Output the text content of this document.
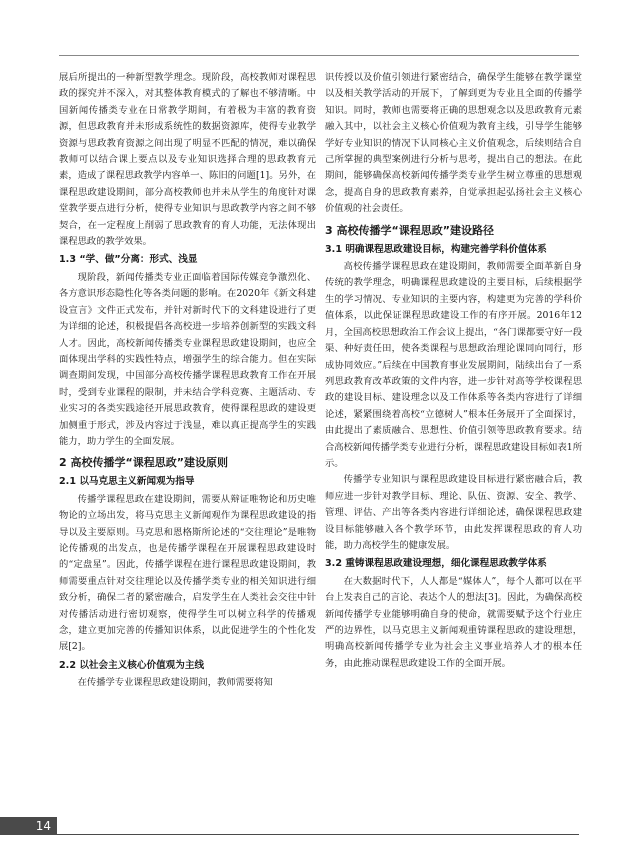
展后所提出的一种新型教学理念。现阶段，高校教师对课程思政的探究并不深入，对其整体教育模式的了解也不够清晰。中国新闻传播类专业在日常教学期间，有着极为丰富的教育资源，但思政教育并未形成系统性的数据资源库，使得专业教学资源与思政教育资源之间出现了明显不匹配的情况，难以确保教师可以结合课上要点以及专业知识选择合理的思政教育元素，造成了课程思政教学内容单一、陈旧的问题[1]。另外，在课程思政建设期间，部分高校教师也并未从学生的角度针对课堂教学要点进行分析，使得专业知识与思政教学内容之间不够契合，在一定程度上削弱了思政教育的育人功能，无法体现出课程思政的教学效果。

1.3 “学、做”分离：形式、浅显

现阶段，新闻传播类专业正面临着国际传媒竞争激烈化、各方意识形态隐性化等各类问题的影响。在2020年《新文科建设宣言》文件正式发布，并针对新时代下的文科建设进行了更为详细的论述，积极提倡各高校进一步培养创新型的实践文科人才。因此，高校新闻传播类专业课程思政建设期间，也应全面体现出学科的实践性特点，增强学生的综合能力。但在实际调查期间发现，中国部分高校传播学课程思政教育工作在开展时，受到专业课程的限制，并未结合学科竞赛、主题活动、专业实习的各类实践途径开展思政教育，使得课程思政的建设更加侧重于形式，涉及内容过于浅显，难以真正提高学生的实践能力，助力学生的全面发展。

2 高校传播学“课程思政”建设原则
2.1 以马克思主义新闻观为指导

传播学课程思政在建设期间，需要从辩证唯物论和历史唯物论的立场出发，将马克思主义新闻观作为课程思政建设的指导以及主要原则。马克思和恩格斯所论述的“交往理论”是唯物论传播观的出发点，也是传播学课程在开展课程思政建设时的“定盘星”。因此，传播学课程在进行课程思政建设期间，教师需要重点针对交往理论以及传播学类专业的相关知识进行细致分析，确保二者的紧密融合，启发学生在人类社会交往中针对传播活动进行密切观察，使得学生可以树立科学的传播观念，建立更加完善的传播知识体系，以此促进学生的个性化发展[2]。

2.2 以社会主义核心价值观为主线

在传播学专业课程思政建设期间，教师需要将知

识传授以及价值引领进行紧密结合，确保学生能够在教学课堂以及相关教学活动的开展下，了解到更为专业且全面的传播学知识。同时，教师也需要将正确的思想观念以及思政教育元素融入其中，以社会主义核心价值观为教育主线，引导学生能够学好专业知识的情况下认同核心主义价值观念，后续则结合自己所掌握的典型案例进行分析与思考，提出自己的想法。在此期间，能够确保高校新闻传播学类专业学生树立尊重的思想观念，提高自身的思政教育素养，自觉承担起弘扬社会主义核心价值观的社会责任。

3 高校传播学“课程思政”建设路径
3.1 明确课程思政建设目标，构建完善学科价值体系

高校传播学课程思政在建设期间，教师需要全面革新自身传统的教学理念，明确课程思政建设的主要目标，后续根据学生的学习情况、专业知识的主要内容，构建更为完善的学科价值体系，以此保证课程思政建设工作的有序开展。2016年12月，全国高校思想政治工作会议上提出，“各门课都要守好一段渠、种好责任田，使各类课程与思想政治理论课同向同行，形成协同效应。”后续在中国教育事业发展期间，陆续出台了一系列思政教育改革政策的文件内容，进一步针对高等学校课程思政的建设目标、建设理念以及工作体系等各类内容进行了详细论述，紧紧围绕着高校“立德树人”根本任务展开了全面探讨，由此提出了素质融合、思想性、价值引领等思政教育要求。结合高校新闻传播学类专业进行分析，课程思政建设目标如表1所示。

传播学专业知识与课程思政建设目标进行紧密融合后，教师应进一步针对教学目标、理论、队伍、资源、安全、教学、管理、评估、产出等各类内容进行详细论述，确保课程思政建设目标能够融入各个教学环节，由此发挥课程思政的育人功能，助力高校学生的健康发展。

3.2 重铸课程思政建设理想，细化课程思政教学体系

在大数据时代下，人人都是“媒体人”，每个人都可以在平台上发表自己的言论、表达个人的想法[3]。因此，为确保高校新闻传播学专业能够明确自身的使命，就需要赋予这个行业庄严的边界性，以马克思主义新闻观重铸课程思政的建设理想，明确高校新闻传播学专业为社会主义事业培养人才的根本任务，由此推动课程思政建设工作的全面开展。

14
